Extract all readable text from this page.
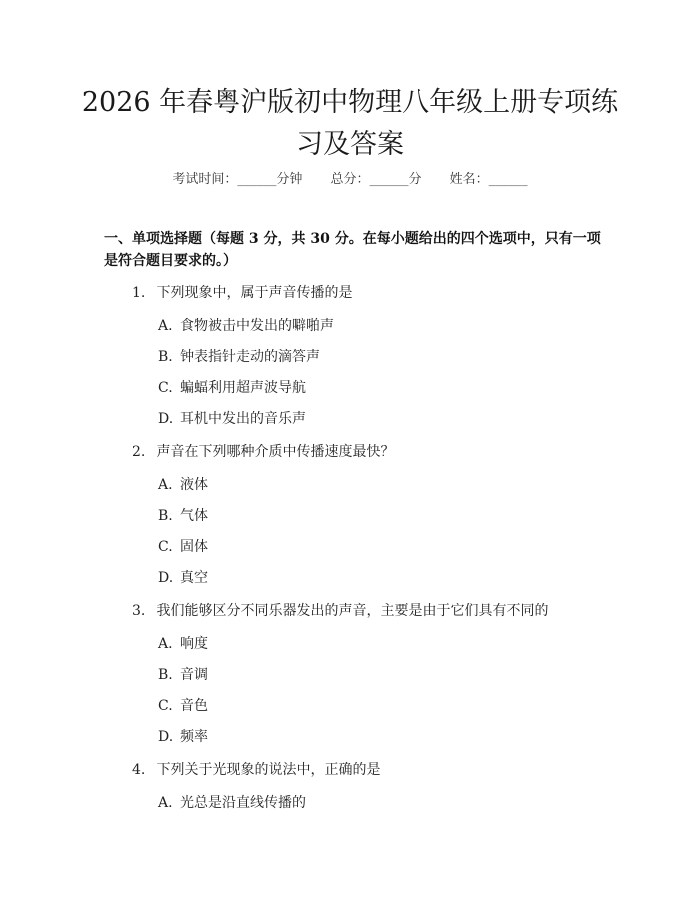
2026 年春粤沪版初中物理八年级上册专项练
习及答案
考试时间：______分钟 总分：______分 姓名：______
一、单项选择题（每题 3 分，共 30 分。在每小题给出的四个选项中，只有一项是符合题目要求的。）
1. 下列现象中，属于声音传播的是
A. 食物被击中发出的噼啪声
B. 钟表指针走动的滴答声
C. 蝙蝠利用超声波导航
D. 耳机中发出的音乐声
2. 声音在下列哪种介质中传播速度最快？
A. 液体
B. 气体
C. 固体
D. 真空
3. 我们能够区分不同乐器发出的声音，主要是由于它们具有不同的
A. 响度
B. 音调
C. 音色
D. 频率
4. 下列关于光现象的说法中，正确的是
A. 光总是沿直线传播的
